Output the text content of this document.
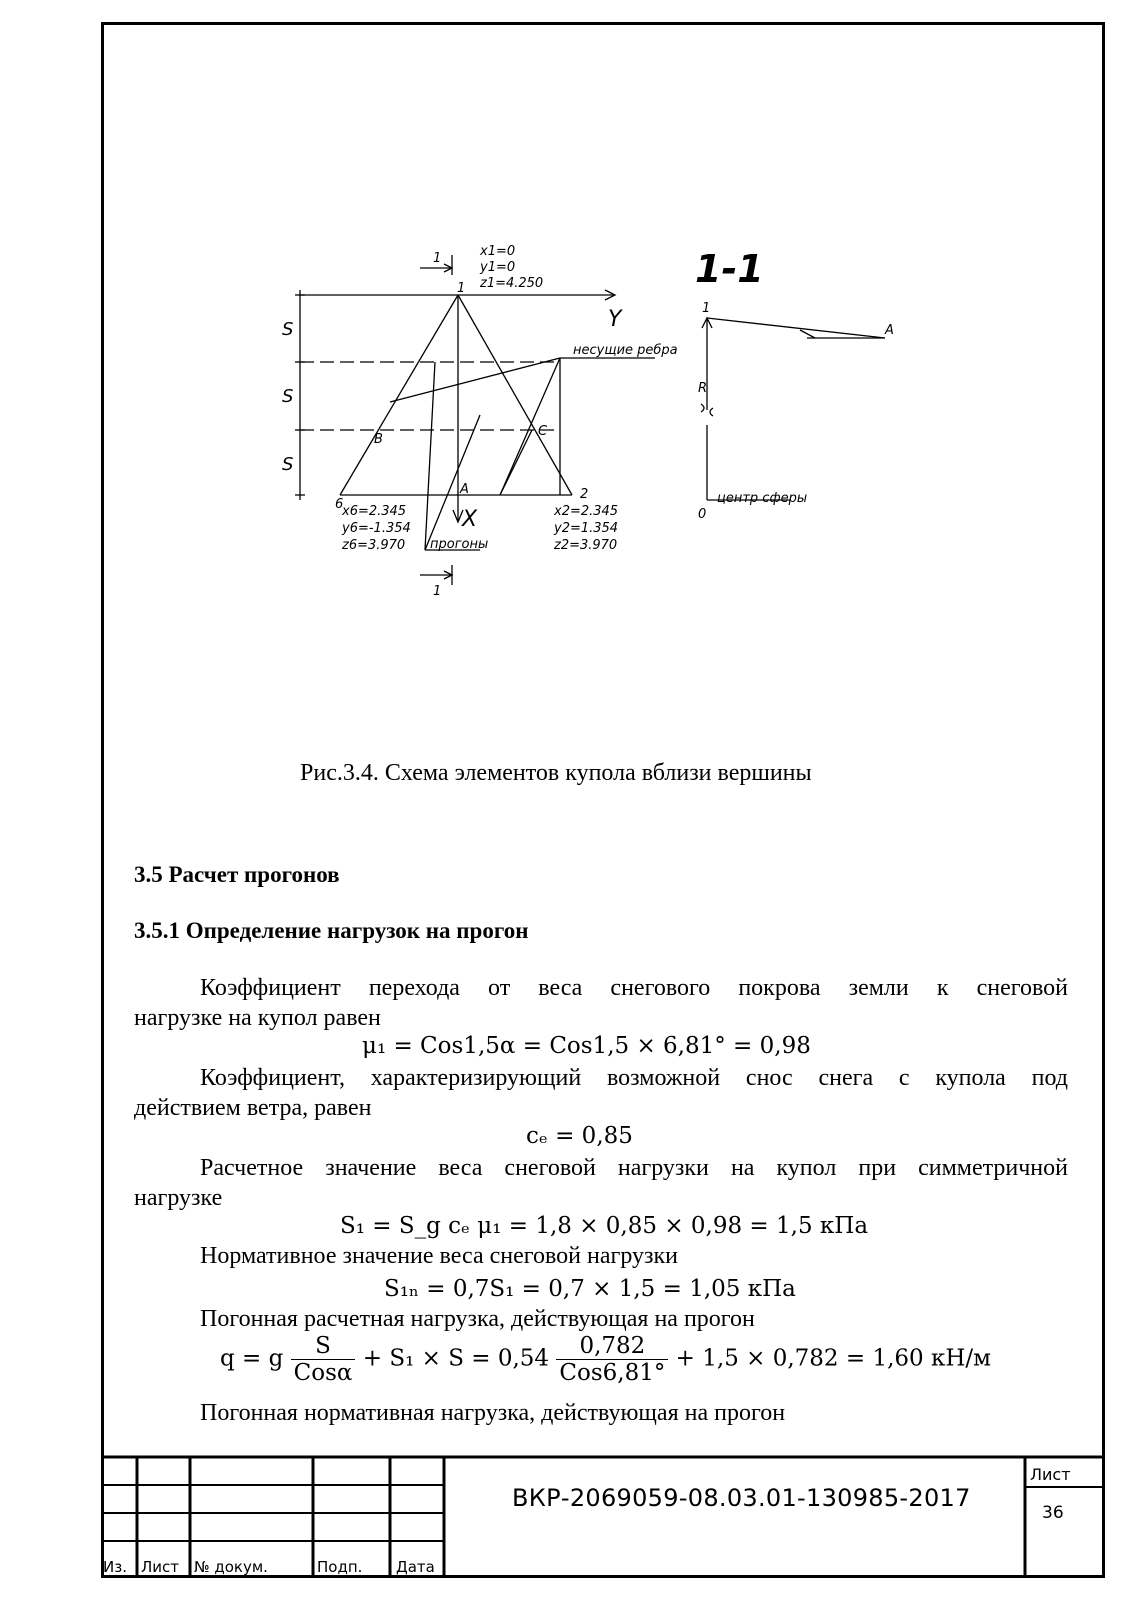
x1=0
y1=0
z1=4.250
1
1
1
Y
X
A
B
C
несущие ребра
прогоны
2
x2=2.345
y2=1.354
z2=3.970
6
x6=2.345
y6=-1.354
z6=3.970
S
S
S
1-1
1
A
R
центр сферы
0
Рис.3.4. Схема элементов купола вблизи вершины
3.5 Расчет прогонов
3.5.1 Определение нагрузок на прогон
Коэффициент перехода от веса снегового покрова земли к снеговой
нагрузке на купол равен
μ₁ = Cos1,5α = Cos1,5 × 6,81° = 0,98
Коэффициент, характеризирующий возможной снос снега с купола под
действием ветра, равен
cₑ = 0,85
Расчетное значение веса снеговой нагрузки на купол при симметричной
нагрузке
S₁ = S_g cₑ μ₁ = 1,8 × 0,85 × 0,98 = 1,5 кПа
Нормативное значение веса снеговой нагрузки
S₁ₙ = 0,7S₁ = 0,7 × 1,5 = 1,05 кПа
Погонная расчетная нагрузка, действующая на прогон
q = g $\frac{S}{\text{Cosα}} + S_1 \times S = 0,54 \frac{0,782}{\text{Cos6,81°}} + 1,5 \times 0,782 = 1,60$ кН/м
Погонная нормативная нагрузка, действующая на прогон
Из. Лист № докум.	Подп. Дата
ВКР-2069059-08.03.01-130985-2017
Лист
36
